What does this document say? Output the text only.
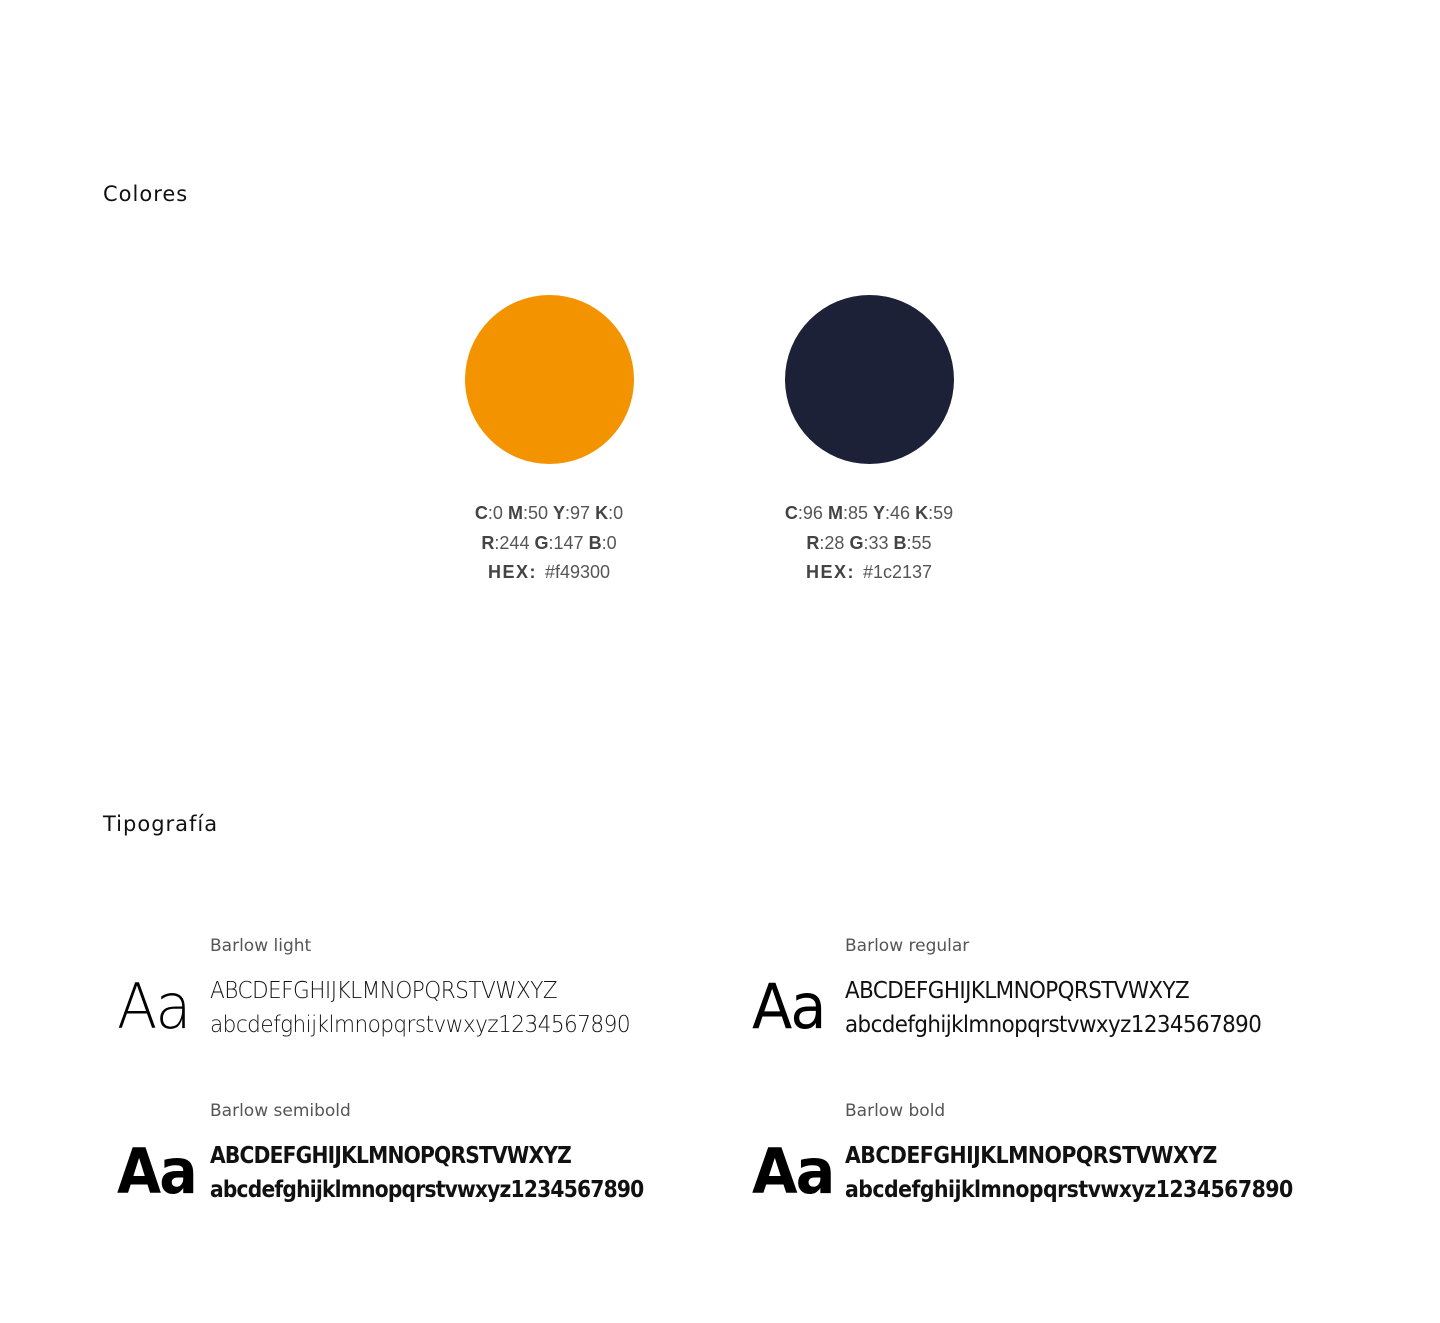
Colores
C:0 M:50 Y:97 K:0
R:244 G:147 B:0
HEX: #f49300
C:96 M:85 Y:46 K:59
R:28 G:33 B:55
HEX: #1c2137
Tipografía

Barlow light

Aa ABCDEFGHIJKLMNOPQRSTVWXYZ
abcdefghijklmnopqrstvwxyz1234567890

Barlow regular

Aa ABCDEFGHIJKLMNOPQRSTVWXYZ
abcdefghijklmnopqrstvwxyz1234567890

Barlow semibold

Aa ABCDEFGHIJKLMNOPQRSTVWXYZ
abcdefghijklmnopqrstvwxyz1234567890

Barlow bold

Aa ABCDEFGHIJKLMNOPQRSTVWXYZ
abcdefghijklmnopqrstvwxyz1234567890
